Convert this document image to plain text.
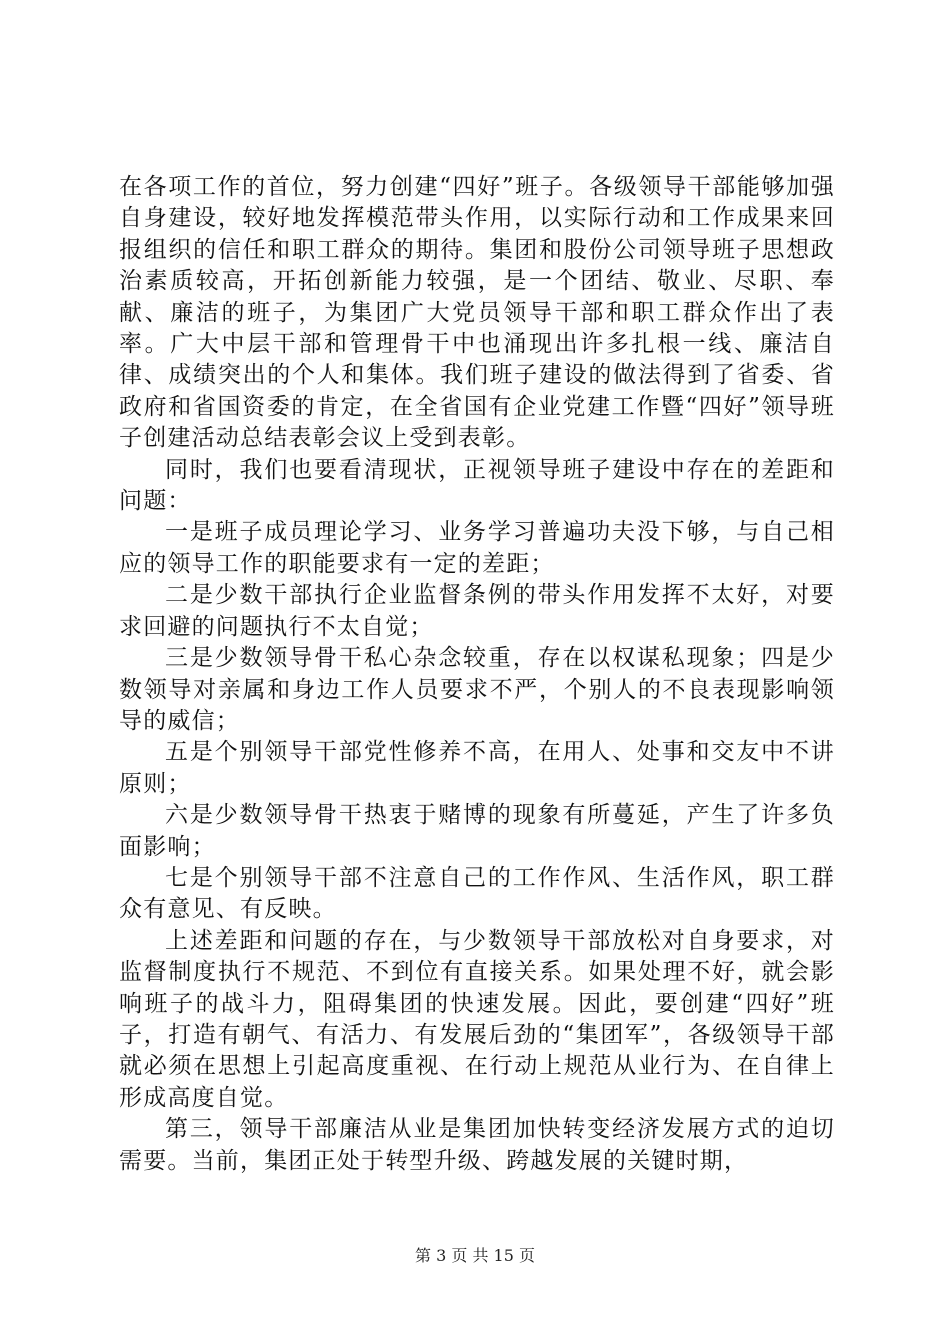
在各项工作的首位，努力创建“四好”班子。各级领导干部能够加强自身建设，较好地发挥模范带头作用，以实际行动和工作成果来回报组织的信任和职工群众的期待。集团和股份公司领导班子思想政治素质较高，开拓创新能力较强，是一个团结、敬业、尽职、奉献、廉洁的班子，为集团广大党员领导干部和职工群众作出了表率。广大中层干部和管理骨干中也涌现出许多扎根一线、廉洁自律、成绩突出的个人和集体。我们班子建设的做法得到了省委、省政府和省国资委的肯定，在全省国有企业党建工作暨“四好”领导班子创建活动总结表彰会议上受到表彰。

同时，我们也要看清现状，正视领导班子建设中存在的差距和问题：

一是班子成员理论学习、业务学习普遍功夫没下够，与自己相应的领导工作的职能要求有一定的差距；

二是少数干部执行企业监督条例的带头作用发挥不太好，对要求回避的问题执行不太自觉；

三是少数领导骨干私心杂念较重，存在以权谋私现象；四是少数领导对亲属和身边工作人员要求不严，个别人的不良表现影响领导的威信；

五是个别领导干部党性修养不高，在用人、处事和交友中不讲原则；

六是少数领导骨干热衷于赌博的现象有所蔓延，产生了许多负面影响；

七是个别领导干部不注意自己的工作作风、生活作风，职工群众有意见、有反映。

上述差距和问题的存在，与少数领导干部放松对自身要求，对监督制度执行不规范、不到位有直接关系。如果处理不好，就会影响班子的战斗力，阻碍集团的快速发展。因此，要创建“四好”班子，打造有朝气、有活力、有发展后劲的“集团军”，各级领导干部就必须在思想上引起高度重视、在行动上规范从业行为、在自律上形成高度自觉。

第三，领导干部廉洁从业是集团加快转变经济发展方式的迫切需要。当前，集团正处于转型升级、跨越发展的关键时期，

第 3 页 共 15 页
